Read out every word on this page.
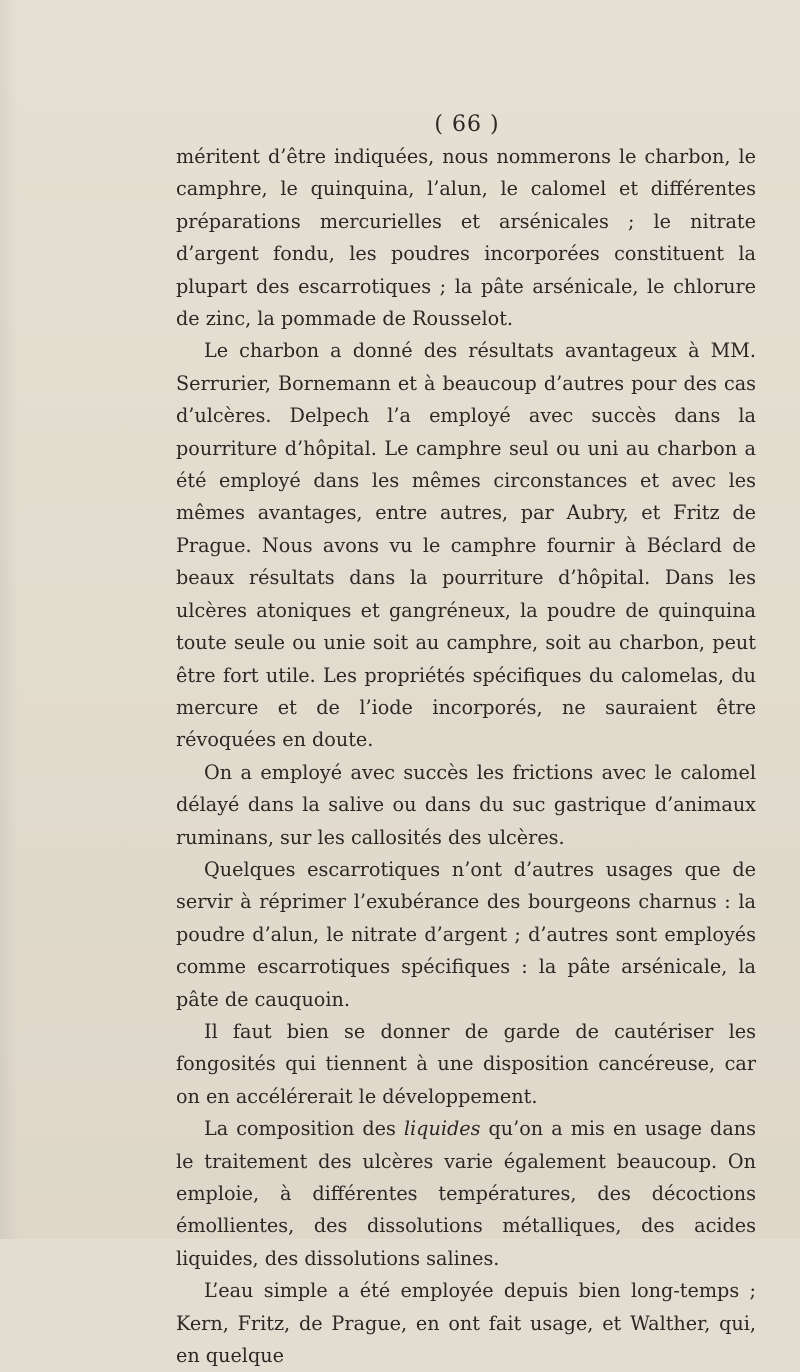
( 66 )

méritent d’être indiquées, nous nommerons le charbon, le camphre, le quinquina, l’alun, le calomel et différentes préparations mercurielles et arsénicales ; le nitrate d’argent fondu, les poudres incorporées constituent la plupart des escarrotiques ; la pâte arsénicale, le chlorure de zinc, la pommade de Rousselot.

Le charbon a donné des résultats avantageux à MM. Serrurier, Bornemann et à beaucoup d’autres pour des cas d’ulcères. Delpech l’a employé avec succès dans la pourriture d’hôpital. Le camphre seul ou uni au charbon a été employé dans les mêmes circonstances et avec les mêmes avantages, entre autres, par Aubry, et Fritz de Prague. Nous avons vu le camphre fournir à Béclard de beaux résultats dans la pourriture d’hôpital. Dans les ulcères atoniques et gangréneux, la poudre de quinquina toute seule ou unie soit au camphre, soit au charbon, peut être fort utile. Les propriétés spécifiques du calomelas, du mercure et de l’iode incorporés, ne sauraient être révoquées en doute.

On a employé avec succès les frictions avec le calomel délayé dans la salive ou dans du suc gastrique d’animaux ruminans, sur les callosités des ulcères.

Quelques escarrotiques n’ont d’autres usages que de servir à réprimer l’exubérance des bourgeons charnus : la poudre d’alun, le nitrate d’argent ; d’autres sont employés comme escarrotiques spécifiques : la pâte arsénicale, la pâte de cauquoin.

Il faut bien se donner de garde de cautériser les fongosités qui tiennent à une disposition cancéreuse, car on en accélérerait le développement.

La composition des liquides qu’on a mis en usage dans le traitement des ulcères varie également beaucoup. On emploie, à différentes températures, des décoctions émollientes, des dissolutions métalliques, des acides liquides, des dissolutions salines.

L’eau simple a été employée depuis bien long-temps ; Kern, Fritz, de Prague, en ont fait usage, et Walther, qui, en quelque
